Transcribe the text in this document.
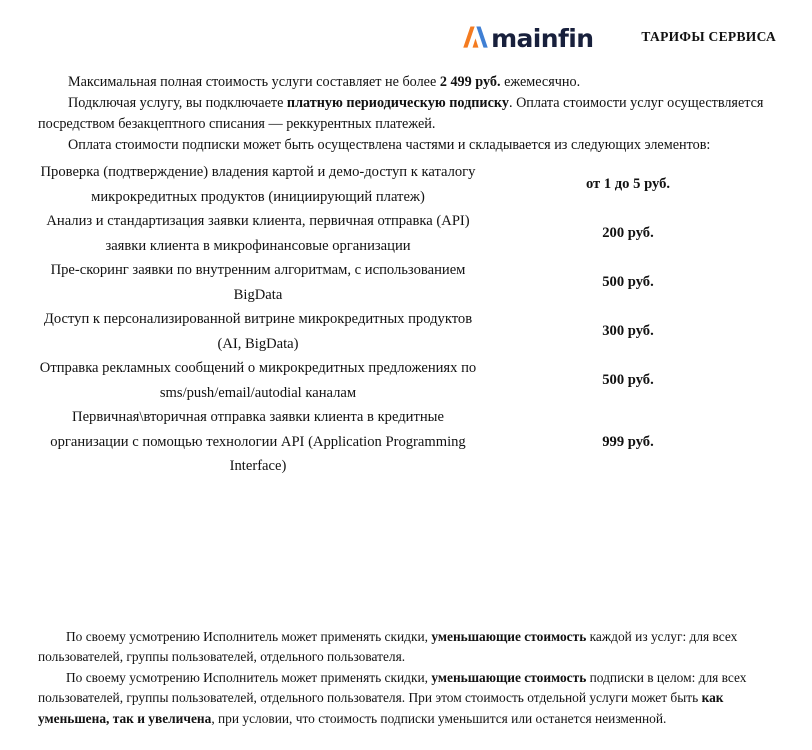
mainfin	ТАРИФЫ СЕРВИСА

Максимальная полная стоимость услуги составляет не более 2 499 руб. ежемесячно.

Подключая услугу, вы подключаете платную периодическую подписку. Оплата стоимости услуг осуществляется посредством безакцептного списания — реккурентных платежей.

Оплата стоимости подписки может быть осуществлена частями и складывается из следующих элементов:

Проверка (подтверждение) владения картой и демо-доступ к каталогу микрокредитных продуктов (инициирующий платеж)	от 1 до 5 руб.
Анализ и стандартизация заявки клиента, первичная отправка (API) заявки клиента в микрофинансовые организации	200 руб.
Пре-скоринг заявки по внутренним алгоритмам, с использованием BigData	500 руб.
Доступ к персонализированной витрине микрокредитных продуктов (AI, BigData)	300 руб.
Отправка рекламных сообщений о микрокредитных предложениях по sms/push/email/autodial каналам	500 руб.
Первичная\вторичная отправка заявки клиента в кредитные организации с помощью технологии API (Application Programming Interface)	999 руб.

По своему усмотрению Исполнитель может применять скидки, уменьшающие стоимость каждой из услуг: для всех пользователей, группы пользователей, отдельного пользователя.

По своему усмотрению Исполнитель может применять скидки, уменьшающие стоимость подписки в целом: для всех пользователей, группы пользователей, отдельного пользователя. При этом стоимость отдельной услуги может быть как уменьшена, так и увеличена, при условии, что стоимость подписки уменьшится или останется неизменной.
